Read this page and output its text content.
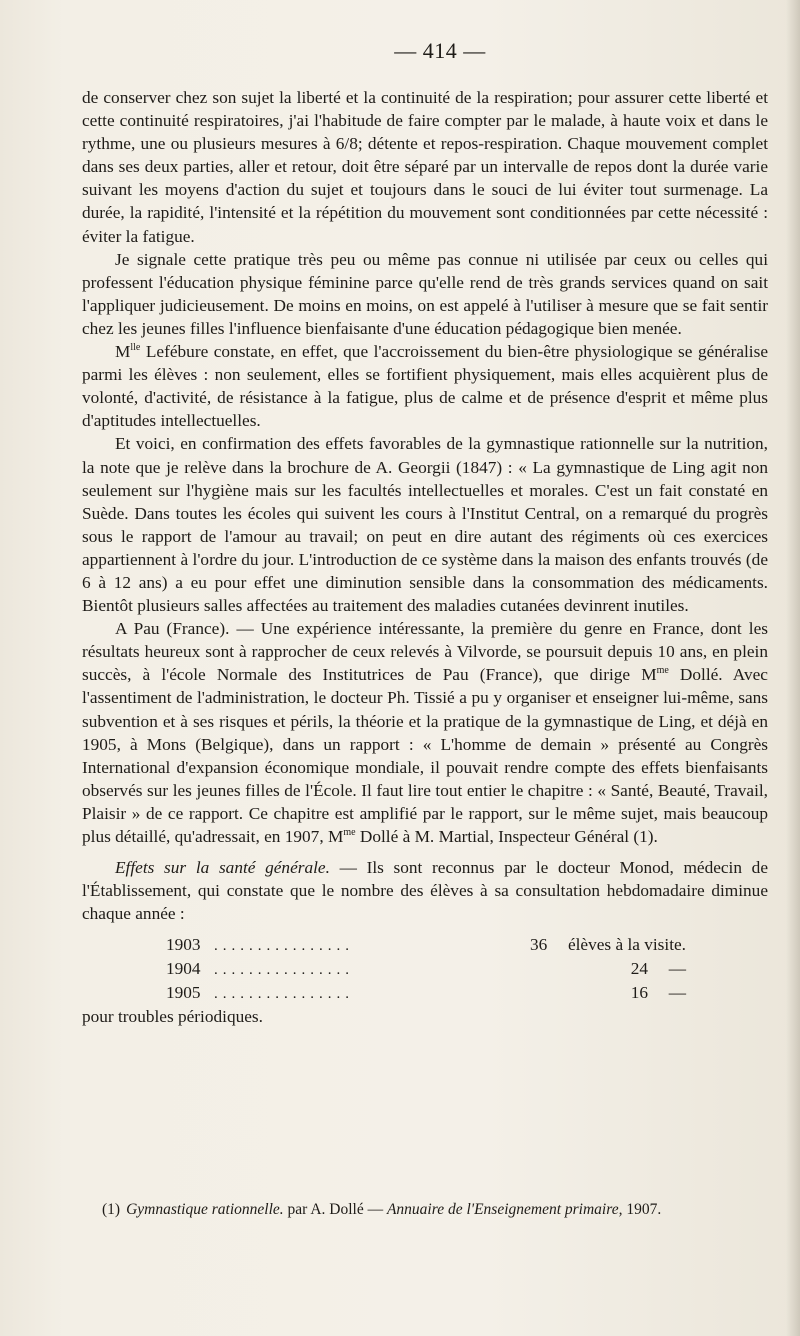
— 414 —

de conserver chez son sujet la liberté et la continuité de la respiration; pour assurer cette liberté et cette continuité respiratoires, j'ai l'habitude de faire compter par le malade, à haute voix et dans le rythme, une ou plusieurs mesures à 6/8; détente et repos-respiration. Chaque mouvement complet dans ses deux parties, aller et retour, doit être séparé par un intervalle de repos dont la durée varie suivant les moyens d'action du sujet et toujours dans le souci de lui éviter tout surmenage. La durée, la rapidité, l'intensité et la répétition du mouvement sont conditionnées par cette nécessité : éviter la fatigue.

Je signale cette pratique très peu ou même pas connue ni utilisée par ceux ou celles qui professent l'éducation physique féminine parce qu'elle rend de très grands services quand on sait l'appliquer judicieusement. De moins en moins, on est appelé à l'utiliser à mesure que se fait sentir chez les jeunes filles l'influence bienfaisante d'une éducation pédagogique bien menée.

$M^{lle}$ Lefébure constate, en effet, que l'accroissement du bien-être physiologique se généralise parmi les élèves : non seulement, elles se fortifient physiquement, mais elles acquièrent plus de volonté, d'activité, de résistance à la fatigue, plus de calme et de présence d'esprit et même plus d'aptitudes intellectuelles.

Et voici, en confirmation des effets favorables de la gymnastique rationnelle sur la nutrition, la note que je relève dans la brochure de A. Georgii (1847) : « La gymnastique de Ling agit non seulement sur l'hygiène mais sur les facultés intellectuelles et morales. C'est un fait constaté en Suède. Dans toutes les écoles qui suivent les cours à l'Institut Central, on a remarqué du progrès sous le rapport de l'amour au travail; on peut en dire autant des régiments où ces exercices appartiennent à l'ordre du jour. L'introduction de ce système dans la maison des enfants trouvés (de 6 à 12 ans) a eu pour effet une diminution sensible dans la consommation des médicaments. Bientôt plusieurs salles affectées au traitement des maladies cutanées devinrent inutiles.

A Pau (France). — Une expérience intéressante, la première du genre en France, dont les résultats heureux sont à rapprocher de ceux relevés à Vilvorde, se poursuit depuis 10 ans, en plein succès, à l'école Normale des Institutrices de Pau (France), que dirige $M^{me}$ Dollé. Avec l'assentiment de l'administration, le docteur Ph. Tissié a pu y organiser et enseigner lui-même, sans subvention et à ses risques et périls, la théorie et la pratique de la gymnastique de Ling, et déjà en 1905, à Mons (Belgique), dans un rapport : « L'homme de demain » présenté au Congrès International d'expansion économique mondiale, il pouvait rendre compte des effets bienfaisants observés sur les jeunes filles de l'École. Il faut lire tout entier le chapitre : « Santé, Beauté, Travail, Plaisir » de ce rapport. Ce chapitre est amplifié par le rapport, sur le même sujet, mais beaucoup plus détaillé, qu'adressait, en 1907, $M^{me}$ Dollé à M. Martial, Inspecteur Général (1).

Effets sur la santé générale. — Ils sont reconnus par le docteur Monod, médecin de l'Établissement, qui constate que le nombre des élèves à sa consultation hebdomadaire diminue chaque année :

1903 ................	36	élèves à la visite.
1904 ................	24	—
1905 ................	16	—

pour troubles périodiques.

(1) Gymnastique rationnelle. par A. Dollé — Annuaire de l'Enseignement primaire, 1907.
